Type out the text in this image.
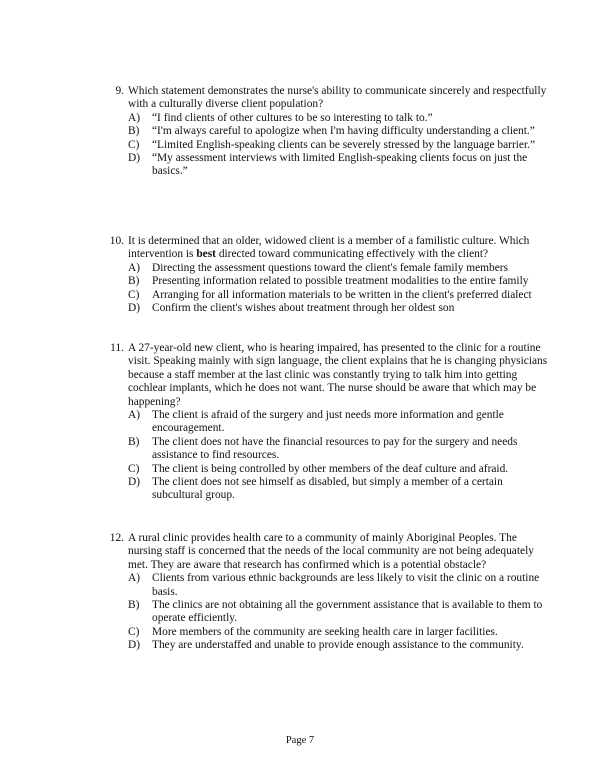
9. Which statement demonstrates the nurse's ability to communicate sincerely and respectfully with a culturally diverse client population?
A) “I find clients of other cultures to be so interesting to talk to.”
B) “I'm always careful to apologize when I'm having difficulty understanding a client.”
C) “Limited English-speaking clients can be severely stressed by the language barrier.”
D) “My assessment interviews with limited English-speaking clients focus on just the basics.”
10. It is determined that an older, widowed client is a member of a familistic culture. Which intervention is best directed toward communicating effectively with the client?
A) Directing the assessment questions toward the client's female family members
B) Presenting information related to possible treatment modalities to the entire family
C) Arranging for all information materials to be written in the client's preferred dialect
D) Confirm the client's wishes about treatment through her oldest son
11. A 27-year-old new client, who is hearing impaired, has presented to the clinic for a routine visit. Speaking mainly with sign language, the client explains that he is changing physicians because a staff member at the last clinic was constantly trying to talk him into getting cochlear implants, which he does not want. The nurse should be aware that which may be happening?
A) The client is afraid of the surgery and just needs more information and gentle encouragement.
B) The client does not have the financial resources to pay for the surgery and needs assistance to find resources.
C) The client is being controlled by other members of the deaf culture and afraid.
D) The client does not see himself as disabled, but simply a member of a certain subcultural group.
12. A rural clinic provides health care to a community of mainly Aboriginal Peoples. The nursing staff is concerned that the needs of the local community are not being adequately met. They are aware that research has confirmed which is a potential obstacle?
A) Clients from various ethnic backgrounds are less likely to visit the clinic on a routine basis.
B) The clinics are not obtaining all the government assistance that is available to them to operate efficiently.
C) More members of the community are seeking health care in larger facilities.
D) They are understaffed and unable to provide enough assistance to the community.
Page 7
